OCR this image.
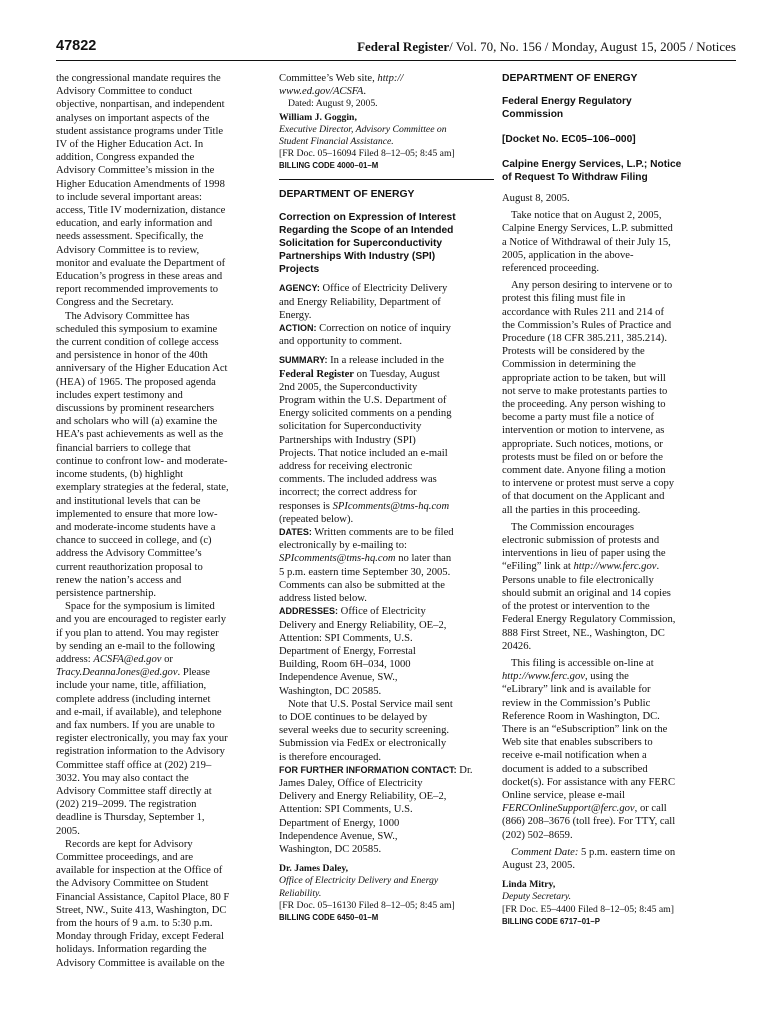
47822	Federal Register/ Vol. 70, No. 156 / Monday, August 15, 2005 / Notices
the congressional mandate requires the
Advisory Committee to conduct
objective, nonpartisan, and independent
analyses on important aspects of the
student assistance programs under Title
IV of the Higher Education Act. In
addition, Congress expanded the
Advisory Committee’s mission in the
Higher Education Amendments of 1998
to include several important areas:
access, Title IV modernization, distance
education, and early information and
needs assessment. Specifically, the
Advisory Committee is to review,
monitor and evaluate the Department of
Education’s progress in these areas and
report recommended improvements to
Congress and the Secretary.
The Advisory Committee has
scheduled this symposium to examine
the current condition of college access
and persistence in honor of the 40th
anniversary of the Higher Education Act
(HEA) of 1965. The proposed agenda
includes expert testimony and
discussions by prominent researchers
and scholars who will (a) examine the
HEA’s past achievements as well as the
financial barriers to college that
continue to confront low- and moderate-
income students, (b) highlight
exemplary strategies at the federal, state,
and institutional levels that can be
implemented to ensure that more low-
and moderate-income students have a
chance to succeed in college, and (c)
address the Advisory Committee’s
current reauthorization proposal to
renew the nation’s access and
persistence partnership.
Space for the symposium is limited
and you are encouraged to register early
if you plan to attend. You may register
by sending an e-mail to the following
address: ACSFA@ed.gov or
Tracy.DeannaJones@ed.gov. Please
include your name, title, affiliation,
complete address (including internet
and e-mail, if available), and telephone
and fax numbers. If you are unable to
register electronically, you may fax your
registration information to the Advisory
Committee staff office at (202) 219–
3032. You may also contact the
Advisory Committee staff directly at
(202) 219–2099. The registration
deadline is Thursday, September 1,
2005.
Records are kept for Advisory
Committee proceedings, and are
available for inspection at the Office of
the Advisory Committee on Student
Financial Assistance, Capitol Place, 80 F
Street, NW., Suite 413, Washington, DC
from the hours of 9 a.m. to 5:30 p.m.
Monday through Friday, except Federal
holidays. Information regarding the
Advisory Committee is available on the
Committee’s Web site, http://
www.ed.gov/ACSFA.
Dated: August 9, 2005.
William J. Goggin,
Executive Director, Advisory Committee on
Student Financial Assistance.
[FR Doc. 05–16094 Filed 8–12–05; 8:45 am]
BILLING CODE 4000–01–M
DEPARTMENT OF ENERGY
Correction on Expression of Interest
Regarding the Scope of an Intended
Solicitation for Superconductivity
Partnerships With Industry (SPI)
Projects
AGENCY: Office of Electricity Delivery
and Energy Reliability, Department of
Energy.
ACTION: Correction on notice of inquiry
and opportunity to comment.
SUMMARY: In a release included in the
Federal Register on Tuesday, August
2nd 2005, the Superconductivity
Program within the U.S. Department of
Energy solicited comments on a pending
solicitation for Superconductivity
Partnerships with Industry (SPI)
Projects. That notice included an e-mail
address for receiving electronic
comments. The included address was
incorrect; the correct address for
responses is SPIcomments@tms-hq.com
(repeated below).
DATES: Written comments are to be filed
electronically by e-mailing to:
SPIcomments@tms-hq.com no later than
5 p.m. eastern time September 30, 2005.
Comments can also be submitted at the
address listed below.
ADDRESSES: Office of Electricity
Delivery and Energy Reliability, OE–2,
Attention: SPI Comments, U.S.
Department of Energy, Forrestal
Building, Room 6H–034, 1000
Independence Avenue, SW.,
Washington, DC 20585.
Note that U.S. Postal Service mail sent
to DOE continues to be delayed by
several weeks due to security screening.
Submission via FedEx or electronically
is therefore encouraged.
FOR FURTHER INFORMATION CONTACT: Dr.
James Daley, Office of Electricity
Delivery and Energy Reliability, OE–2,
Attention: SPI Comments, U.S.
Department of Energy, 1000
Independence Avenue, SW.,
Washington, DC 20585.
Dr. James Daley,
Office of Electricity Delivery and Energy
Reliability.
[FR Doc. 05–16130 Filed 8–12–05; 8:45 am]
BILLING CODE 6450–01–M
DEPARTMENT OF ENERGY
Federal Energy Regulatory
Commission
[Docket No. EC05–106–000]
Calpine Energy Services, L.P.; Notice
of Request To Withdraw Filing
August 8, 2005.
Take notice that on August 2, 2005,
Calpine Energy Services, L.P. submitted
a Notice of Withdrawal of their July 15,
2005, application in the above-
referenced proceeding.
Any person desiring to intervene or to
protest this filing must file in
accordance with Rules 211 and 214 of
the Commission’s Rules of Practice and
Procedure (18 CFR 385.211, 385.214).
Protests will be considered by the
Commission in determining the
appropriate action to be taken, but will
not serve to make protestants parties to
the proceeding. Any person wishing to
become a party must file a notice of
intervention or motion to intervene, as
appropriate. Such notices, motions, or
protests must be filed on or before the
comment date. Anyone filing a motion
to intervene or protest must serve a copy
of that document on the Applicant and
all the parties in this proceeding.
The Commission encourages
electronic submission of protests and
interventions in lieu of paper using the
“eFiling” link at http://www.ferc.gov.
Persons unable to file electronically
should submit an original and 14 copies
of the protest or intervention to the
Federal Energy Regulatory Commission,
888 First Street, NE., Washington, DC
20426.
This filing is accessible on-line at
http://www.ferc.gov, using the
“eLibrary” link and is available for
review in the Commission’s Public
Reference Room in Washington, DC.
There is an “eSubscription” link on the
Web site that enables subscribers to
receive e-mail notification when a
document is added to a subscribed
docket(s). For assistance with any FERC
Online service, please e-mail
FERCOnlineSupport@ferc.gov, or call
(866) 208–3676 (toll free). For TTY, call
(202) 502–8659.
Comment Date: 5 p.m. eastern time on
August 23, 2005.
Linda Mitry,
Deputy Secretary.
[FR Doc. E5–4400 Filed 8–12–05; 8:45 am]
BILLING CODE 6717–01–P
